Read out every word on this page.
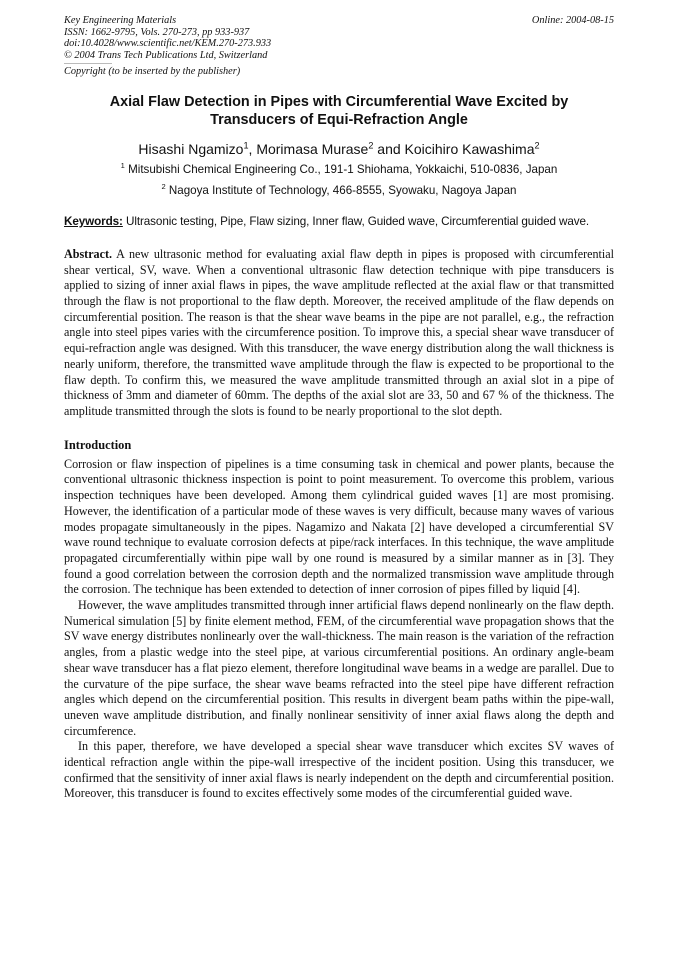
Key Engineering Materials	Online: 2004-08-15
ISSN: 1662-9795, Vols. 270-273, pp 933-937
doi:10.4028/www.scientific.net/KEM.270-273.933
© 2004 Trans Tech Publications Ltd, Switzerland
Copyright (to be inserted by the publisher)
Axial Flaw Detection in Pipes with Circumferential Wave Excited by
Transducers of Equi-Refraction Angle
Hisashi Ngamizo$^1$, Morimasa Murase$^2$ and Koicihiro Kawashima$^2$
$^1$ Mitsubishi Chemical Engineering Co., 191-1 Shiohama, Yokkaichi, 510-0836, Japan
$^2$ Nagoya Institute of Technology, 466-8555, Syowaku, Nagoya Japan
Keywords: Ultrasonic testing, Pipe, Flaw sizing, Inner flaw, Guided wave, Circumferential guided wave.
Abstract. A new ultrasonic method for evaluating axial flaw depth in pipes is proposed with circumferential shear vertical, SV, wave. When a conventional ultrasonic flaw detection technique with pipe transducers is applied to sizing of inner axial flaws in pipes, the wave amplitude reflected at the axial flaw or that transmitted through the flaw is not proportional to the flaw depth. Moreover, the received amplitude of the flaw depends on circumferential position. The reason is that the shear wave beams in the pipe are not parallel, e.g., the refraction angle into steel pipes varies with the circumference position. To improve this, a special shear wave transducer of equi-refraction angle was designed. With this transducer, the wave energy distribution along the wall thickness is nearly uniform, therefore, the transmitted wave amplitude through the flaw is expected to be proportional to the flaw depth. To confirm this, we measured the wave amplitude transmitted through an axial slot in a pipe of thickness of 3mm and diameter of 60mm. The depths of the axial slot are 33, 50 and 67 % of the thickness. The amplitude transmitted through the slots is found to be nearly proportional to the slot depth.
Introduction

Corrosion or flaw inspection of pipelines is a time consuming task in chemical and power plants, because the conventional ultrasonic thickness inspection is point to point measurement. To overcome this problem, various inspection techniques have been developed. Among them cylindrical guided waves [1] are most promising. However, the identification of a particular mode of these waves is very difficult, because many waves of various modes propagate simultaneously in the pipes. Nagamizo and Nakata [2] have developed a circumferential SV wave round technique to evaluate corrosion defects at pipe/rack interfaces. In this technique, the wave amplitude propagated circumferentially within pipe wall by one round is measured by a similar manner as in [3]. They found a good correlation between the corrosion depth and the normalized transmission wave amplitude through the corrosion. The technique has been extended to detection of inner corrosion of pipes filled by liquid [4].

However, the wave amplitudes transmitted through inner artificial flaws depend nonlinearly on the flaw depth. Numerical simulation [5] by finite element method, FEM, of the circumferential wave propagation shows that the SV wave energy distributes nonlinearly over the wall-thickness. The main reason is the variation of the refraction angles, from a plastic wedge into the steel pipe, at various circumferential positions. An ordinary angle-beam shear wave transducer has a flat piezo element, therefore longitudinal wave beams in a wedge are parallel. Due to the curvature of the pipe surface, the shear wave beams refracted into the steel pipe have different refraction angles which depend on the circumferential position. This results in divergent beam paths within the pipe-wall, uneven wave amplitude distribution, and finally nonlinear sensitivity of inner axial flaws along the depth and circumference.

In this paper, therefore, we have developed a special shear wave transducer which excites SV waves of identical refraction angle within the pipe-wall irrespective of the incident position. Using this transducer, we confirmed that the sensitivity of inner axial flaws is nearly independent on the depth and circumferential position. Moreover, this transducer is found to excites effectively some modes of the circumferential guided wave.
